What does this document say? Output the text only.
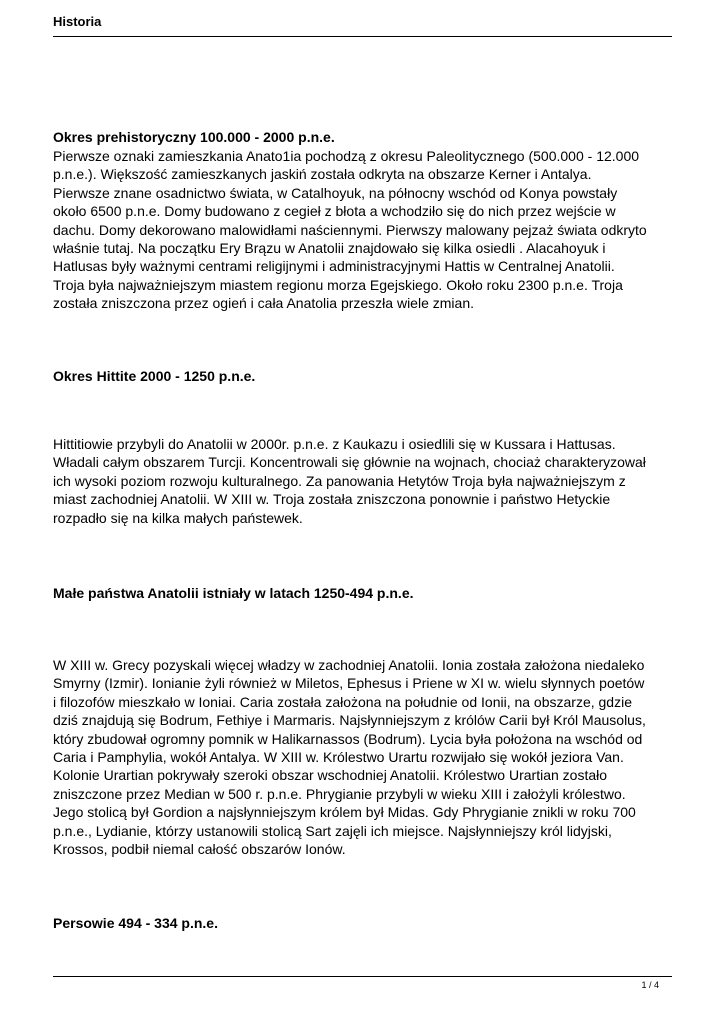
Historia
Okres prehistoryczny 100.000 - 2000 p.n.e.

Pierwsze oznaki zamieszkania Anato1ia pochodzą z okresu Paleolitycznego (500.000 - 12.000
p.n.e.). Większość zamieszkanych jaskiń została odkryta na obszarze Kerner i Antalya.
Pierwsze znane osadnictwo świata, w Catalhoyuk, na północny wschód od Konya powstały
około 6500 p.n.e. Domy budowano z cegieł z błota a wchodziło się do nich przez wejście w
dachu. Domy dekorowano malowidłami naściennymi. Pierwszy malowany pejzaż świata odkryto
właśnie tutaj. Na początku Ery Brązu w Anatolii znajdowało się kilka osiedli . Alacahoyuk i
Hatlusas były ważnymi centrami religijnymi i administracyjnymi Hattis w Centralnej Anatolii.
Troja była najważniejszym miastem regionu morza Egejskiego. Około roku 2300 p.n.e. Troja
została zniszczona przez ogień i cała Anatolia przeszła wiele zmian.

Okres Hittite 2000 - 1250 p.n.e.

Hittitiowie przybyli do Anatolii w 2000r. p.n.e. z Kaukazu i osiedlili się w Kussara i Hattusas.
Władali całym obszarem Turcji. Koncentrowali się głównie na wojnach, chociaż charakteryzował
ich wysoki poziom rozwoju kulturalnego. Za panowania Hetytów Troja była najważniejszym z
miast zachodniej Anatolii. W XIII w. Troja została zniszczona ponownie i państwo Hetyckie
rozpadło się na kilka małych państewek.

Małe państwa Anatolii istniały w latach 1250-494 p.n.e.

W XIII w. Grecy pozyskali więcej władzy w zachodniej Anatolii. Ionia została założona niedaleko
Smyrny (Izmir). Ionianie żyli również w Miletos, Ephesus i Priene w XI w. wielu słynnych poetów
i filozofów mieszkało w Ioniai. Caria została założona na południe od Ionii, na obszarze, gdzie
dziś znajdują się Bodrum, Fethiye i Marmaris. Najsłynniejszym z królów Carii był Król Mausolus,
który zbudował ogromny pomnik w Halikarnassos (Bodrum). Lycia była położona na wschód od
Caria i Pamphylia, wokół Antalya. W XIII w. Królestwo Urartu rozwijało się wokół jeziora Van.
Kolonie Urartian pokrywały szeroki obszar wschodniej Anatolii. Królestwo Urartian zostało
zniszczone przez Median w 500 r. p.n.e. Phrygianie przybyli w wieku XIII i założyli królestwo.
Jego stolicą był Gordion a najsłynniejszym królem był Midas. Gdy Phrygianie znikli w roku 700
p.n.e., Lydianie, którzy ustanowili stolicą Sart zajęli ich miejsce. Najsłynniejszy król lidyjski,
Krossos, podbił niemal całość obszarów Ionów.

Persowie 494 - 334 p.n.e.
1 / 4
